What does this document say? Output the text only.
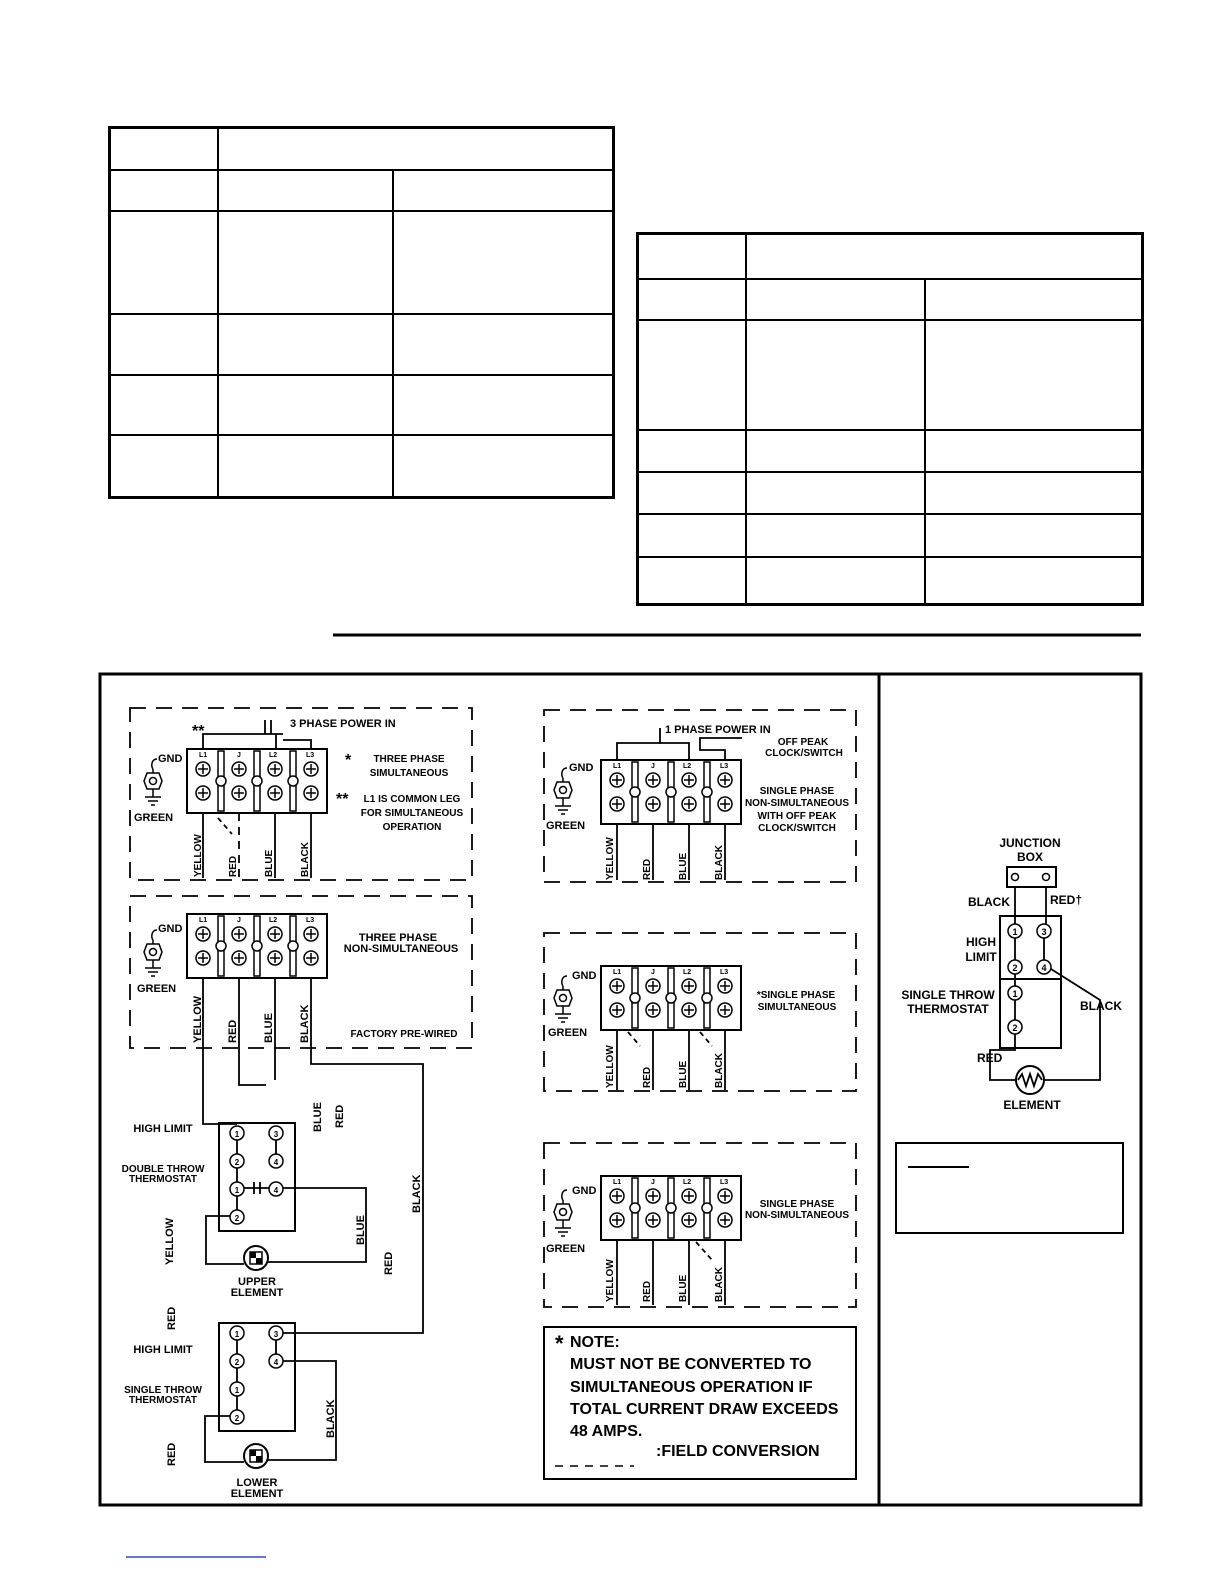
L1	J	L2	L3
L1	J	L2	L3
L1	J	L2	L3
L1	J	L2	L3
L1	J	L2	L3
3 PHASE POWER IN
**
GND
GREEN
* THREE PHASE
SIMULTANEOUS
** L1 IS COMMON LEG
FOR SIMULTANEOUS
OPERATION
YELLOW RED	BLUE	BLACK
GND
GREEN
THREE PHASE
NON-SIMULTANEOUS
FACTORY PRE-WIRED
YELLOW RED BLUE BLACK
1 PHASE POWER IN
OFF PEAK
CLOCK/SWITCH
GND
GREEN
SINGLE PHASE
NON-SIMULTANEOUS
WITH OFF PEAK
CLOCK/SWITCH
YELLOW	RED	BLUE	BLACK
GND
GREEN
*SINGLE PHASE
SIMULTANEOUS
YELLOW	RED	BLUE	BLACK
GND
GREEN
SINGLE PHASE
NON-SIMULTANEOUS
YELLOW	RED	BLUE	BLACK
BLUE RED
BLACK
BLUE
RED
YELLOW
RED
BLACK
RED
HIGH LIMIT
DOUBLE THROW
THERMOSTAT
UPPER
ELEMENT
HIGH LIMIT
SINGLE THROW
THERMOSTAT
LOWER
ELEMENT
1
2
3
4
1	4
2
1
2
3
4
1
2
JUNCTION
BOX
BLACK	RED†
HIGH
LIMIT
SINGLE THROW
THERMOSTAT	BLACK
RED
ELEMENT
1	3
2	4
1
2
* NOTE:
MUST NOT BE CONVERTED TO
SIMULTANEOUS OPERATION IF
TOTAL CURRENT DRAW EXCEEDS
48 AMPS.
:FIELD CONVERSION
